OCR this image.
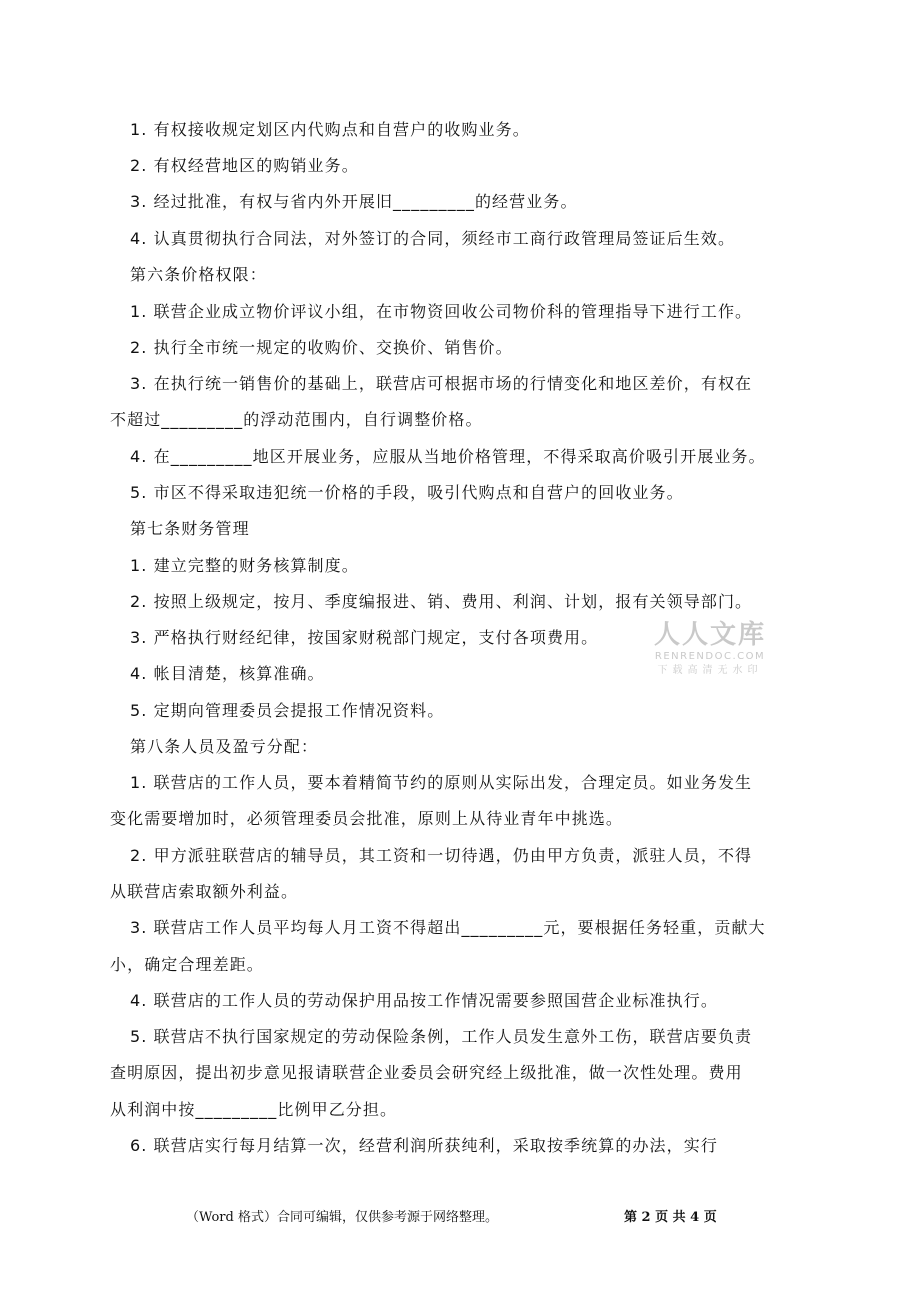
1. 有权接收规定划区内代购点和自营户的收购业务。
2. 有权经营地区的购销业务。
3. 经过批准，有权与省内外开展旧_________的经营业务。
4. 认真贯彻执行合同法，对外签订的合同，须经市工商行政管理局签证后生效。
第六条价格权限：
1. 联营企业成立物价评议小组，在市物资回收公司物价科的管理指导下进行工作。
2. 执行全市统一规定的收购价、交换价、销售价。
3. 在执行统一销售价的基础上，联营店可根据市场的行情变化和地区差价，有权在
不超过_________的浮动范围内，自行调整价格。
4. 在_________地区开展业务，应服从当地价格管理，不得采取高价吸引开展业务。
5. 市区不得采取违犯统一价格的手段，吸引代购点和自营户的回收业务。
第七条财务管理
1. 建立完整的财务核算制度。
2. 按照上级规定，按月、季度编报进、销、费用、利润、计划，报有关领导部门。
3. 严格执行财经纪律，按国家财税部门规定，支付各项费用。
4. 帐目清楚，核算准确。
5. 定期向管理委员会提报工作情况资料。
第八条人员及盈亏分配：
1. 联营店的工作人员，要本着精简节约的原则从实际出发，合理定员。如业务发生
变化需要增加时，必须管理委员会批准，原则上从待业青年中挑选。
2. 甲方派驻联营店的辅导员，其工资和一切待遇，仍由甲方负责，派驻人员，不得
从联营店索取额外利益。
3. 联营店工作人员平均每人月工资不得超出_________元，要根据任务轻重，贡献大
小，确定合理差距。
4. 联营店的工作人员的劳动保护用品按工作情况需要参照国营企业标准执行。
5. 联营店不执行国家规定的劳动保险条例，工作人员发生意外工伤，联营店要负责
查明原因，提出初步意见报请联营企业委员会研究经上级批准，做一次性处理。费用
从利润中按_________比例甲乙分担。
6. 联营店实行每月结算一次，经营利润所获纯利，采取按季统算的办法，实行
人人文库
RENRENDOC.COM
下载高清无水印
（Word 格式）合同可编辑，仅供参考源于网络整理。	第 2 页 共 4 页
